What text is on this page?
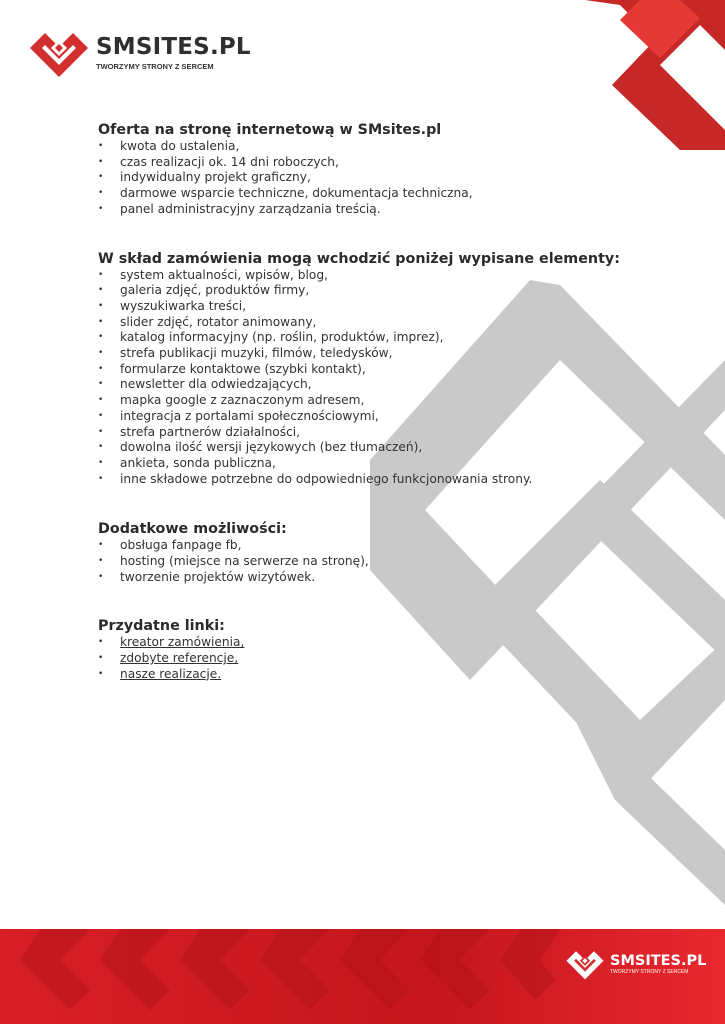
SMSITES.PL
TWORZYMY STRONY Z SERCEM
Oferta na stronę internetową w SMsites.pl
• kwota do ustalenia,
• czas realizacji ok. 14 dni roboczych,
• indywidualny projekt graficzny,
• darmowe wsparcie techniczne, dokumentacja techniczna,
• panel administracyjny zarządzania treścią.
W skład zamówienia mogą wchodzić poniżej wypisane elementy:
• system aktualności, wpisów, blog,
• galeria zdjęć, produktów firmy,
• wyszukiwarka treści,
• slider zdjęć, rotator animowany,
• katalog informacyjny (np. roślin, produktów, imprez),
• strefa publikacji muzyki, filmów, teledysków,
• formularze kontaktowe (szybki kontakt),
• newsletter dla odwiedzających,
• mapka google z zaznaczonym adresem,
• integracja z portalami społecznościowymi,
• strefa partnerów działalności,
• dowolna ilość wersji językowych (bez tłumaczeń),
• ankieta, sonda publiczna,
• inne składowe potrzebne do odpowiedniego funkcjonowania strony.
Dodatkowe możliwości:
• obsługa fanpage fb,
• hosting (miejsce na serwerze na stronę),
• tworzenie projektów wizytówek.
Przydatne linki:
• kreator zamówienia,
• zdobyte referencje,
• nasze realizacje.
SMSITES.PL
TWORZYMY STRONY Z SERCEM
